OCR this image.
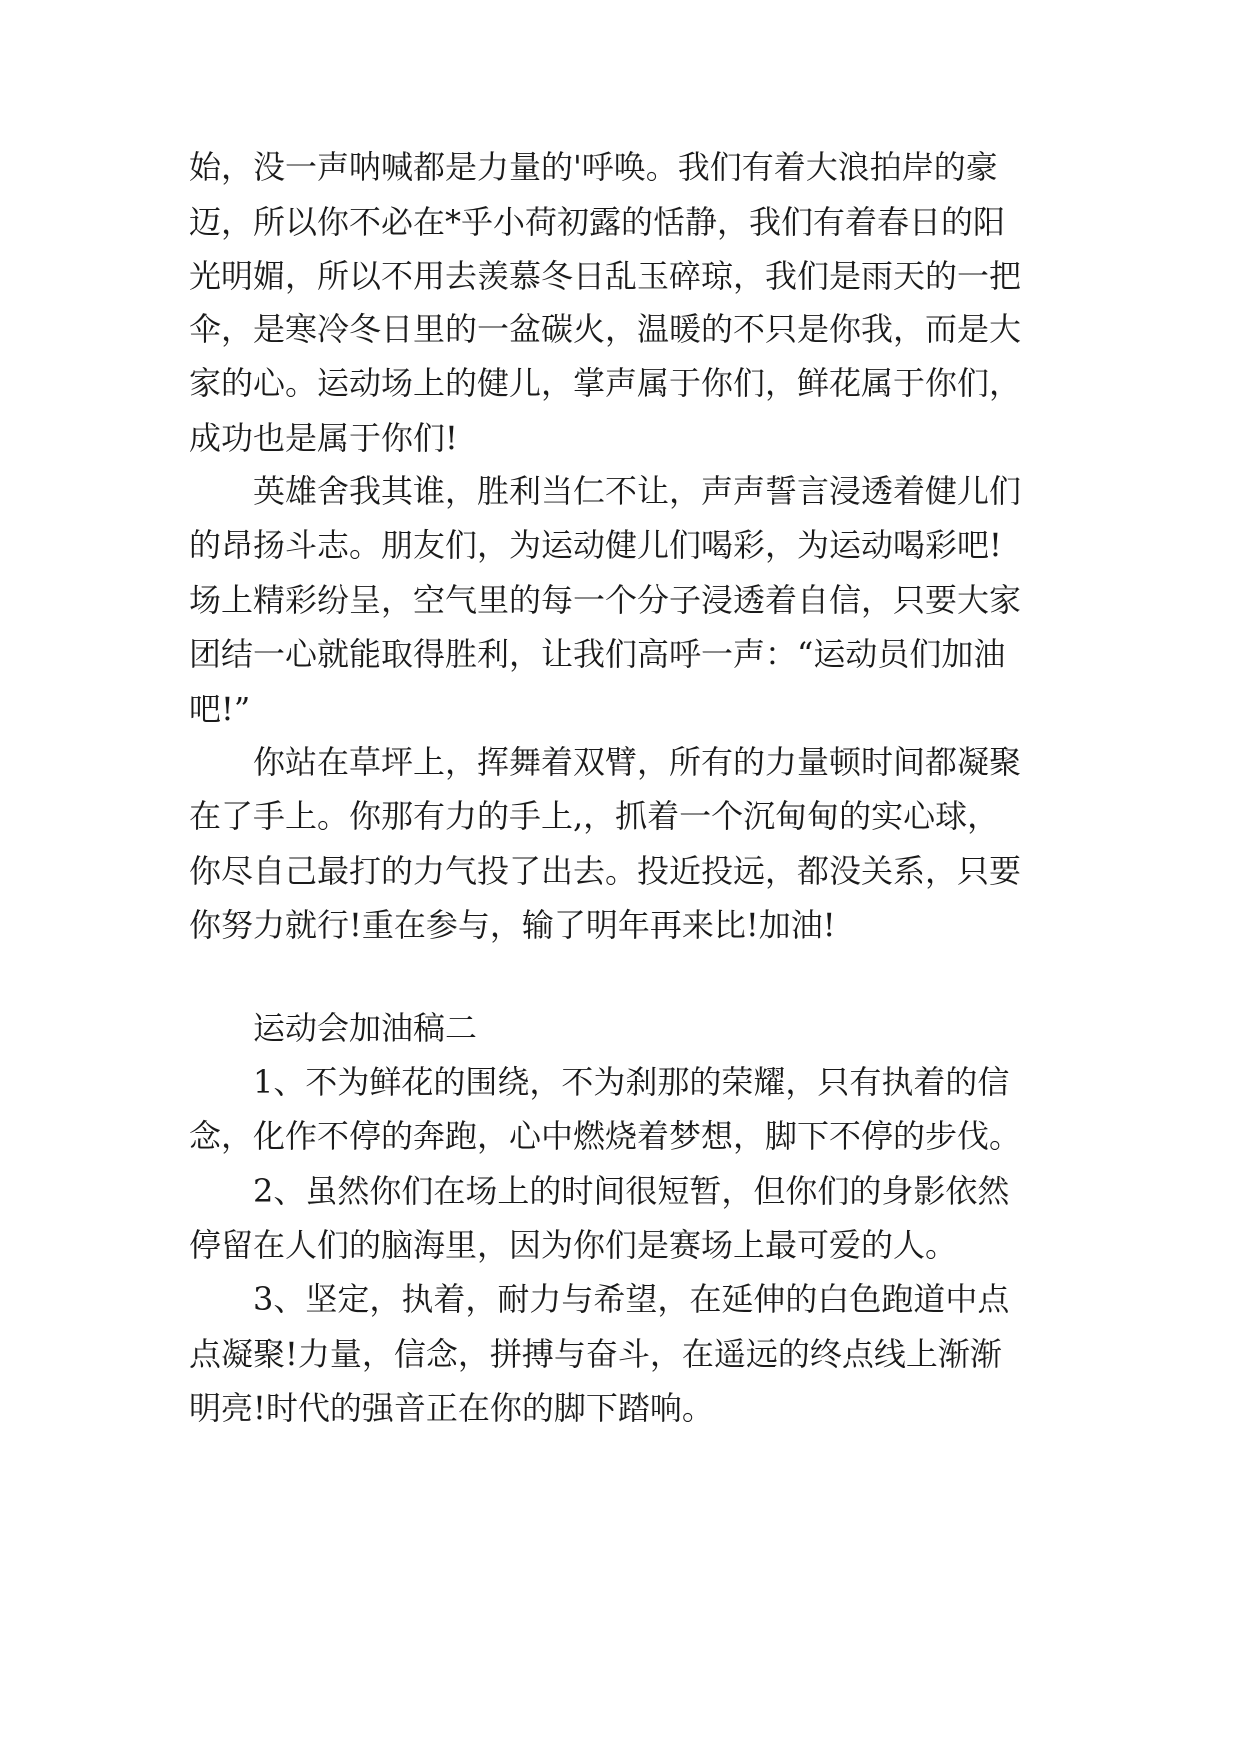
始，没一声呐喊都是力量的'呼唤。我们有着大浪拍岸的豪

迈，所以你不必在*乎小荷初露的恬静，我们有着春日的阳

光明媚，所以不用去羡慕冬日乱玉碎琼，我们是雨天的一把

伞，是寒冷冬日里的一盆碳火，温暖的不只是你我，而是大

家的心。运动场上的健儿，掌声属于你们，鲜花属于你们，

成功也是属于你们!

英雄舍我其谁，胜利当仁不让，声声誓言浸透着健儿们

的昂扬斗志。朋友们，为运动健儿们喝彩，为运动喝彩吧!

场上精彩纷呈，空气里的每一个分子浸透着自信，只要大家

团结一心就能取得胜利，让我们高呼一声：“运动员们加油

吧!”

你站在草坪上，挥舞着双臂，所有的力量顿时间都凝聚

在了手上。你那有力的手上,，抓着一个沉甸甸的实心球，

你尽自己最打的力气投了出去。投近投远，都没关系，只要

你努力就行!重在参与，输了明年再来比!加油!

运动会加油稿二

1、不为鲜花的围绕，不为刹那的荣耀，只有执着的信

念，化作不停的奔跑，心中燃烧着梦想，脚下不停的步伐。

2、虽然你们在场上的时间很短暂，但你们的身影依然

停留在人们的脑海里，因为你们是赛场上最可爱的人。

3、坚定，执着，耐力与希望，在延伸的白色跑道中点

点凝聚!力量，信念，拼搏与奋斗，在遥远的终点线上渐渐

明亮!时代的强音正在你的脚下踏响。
